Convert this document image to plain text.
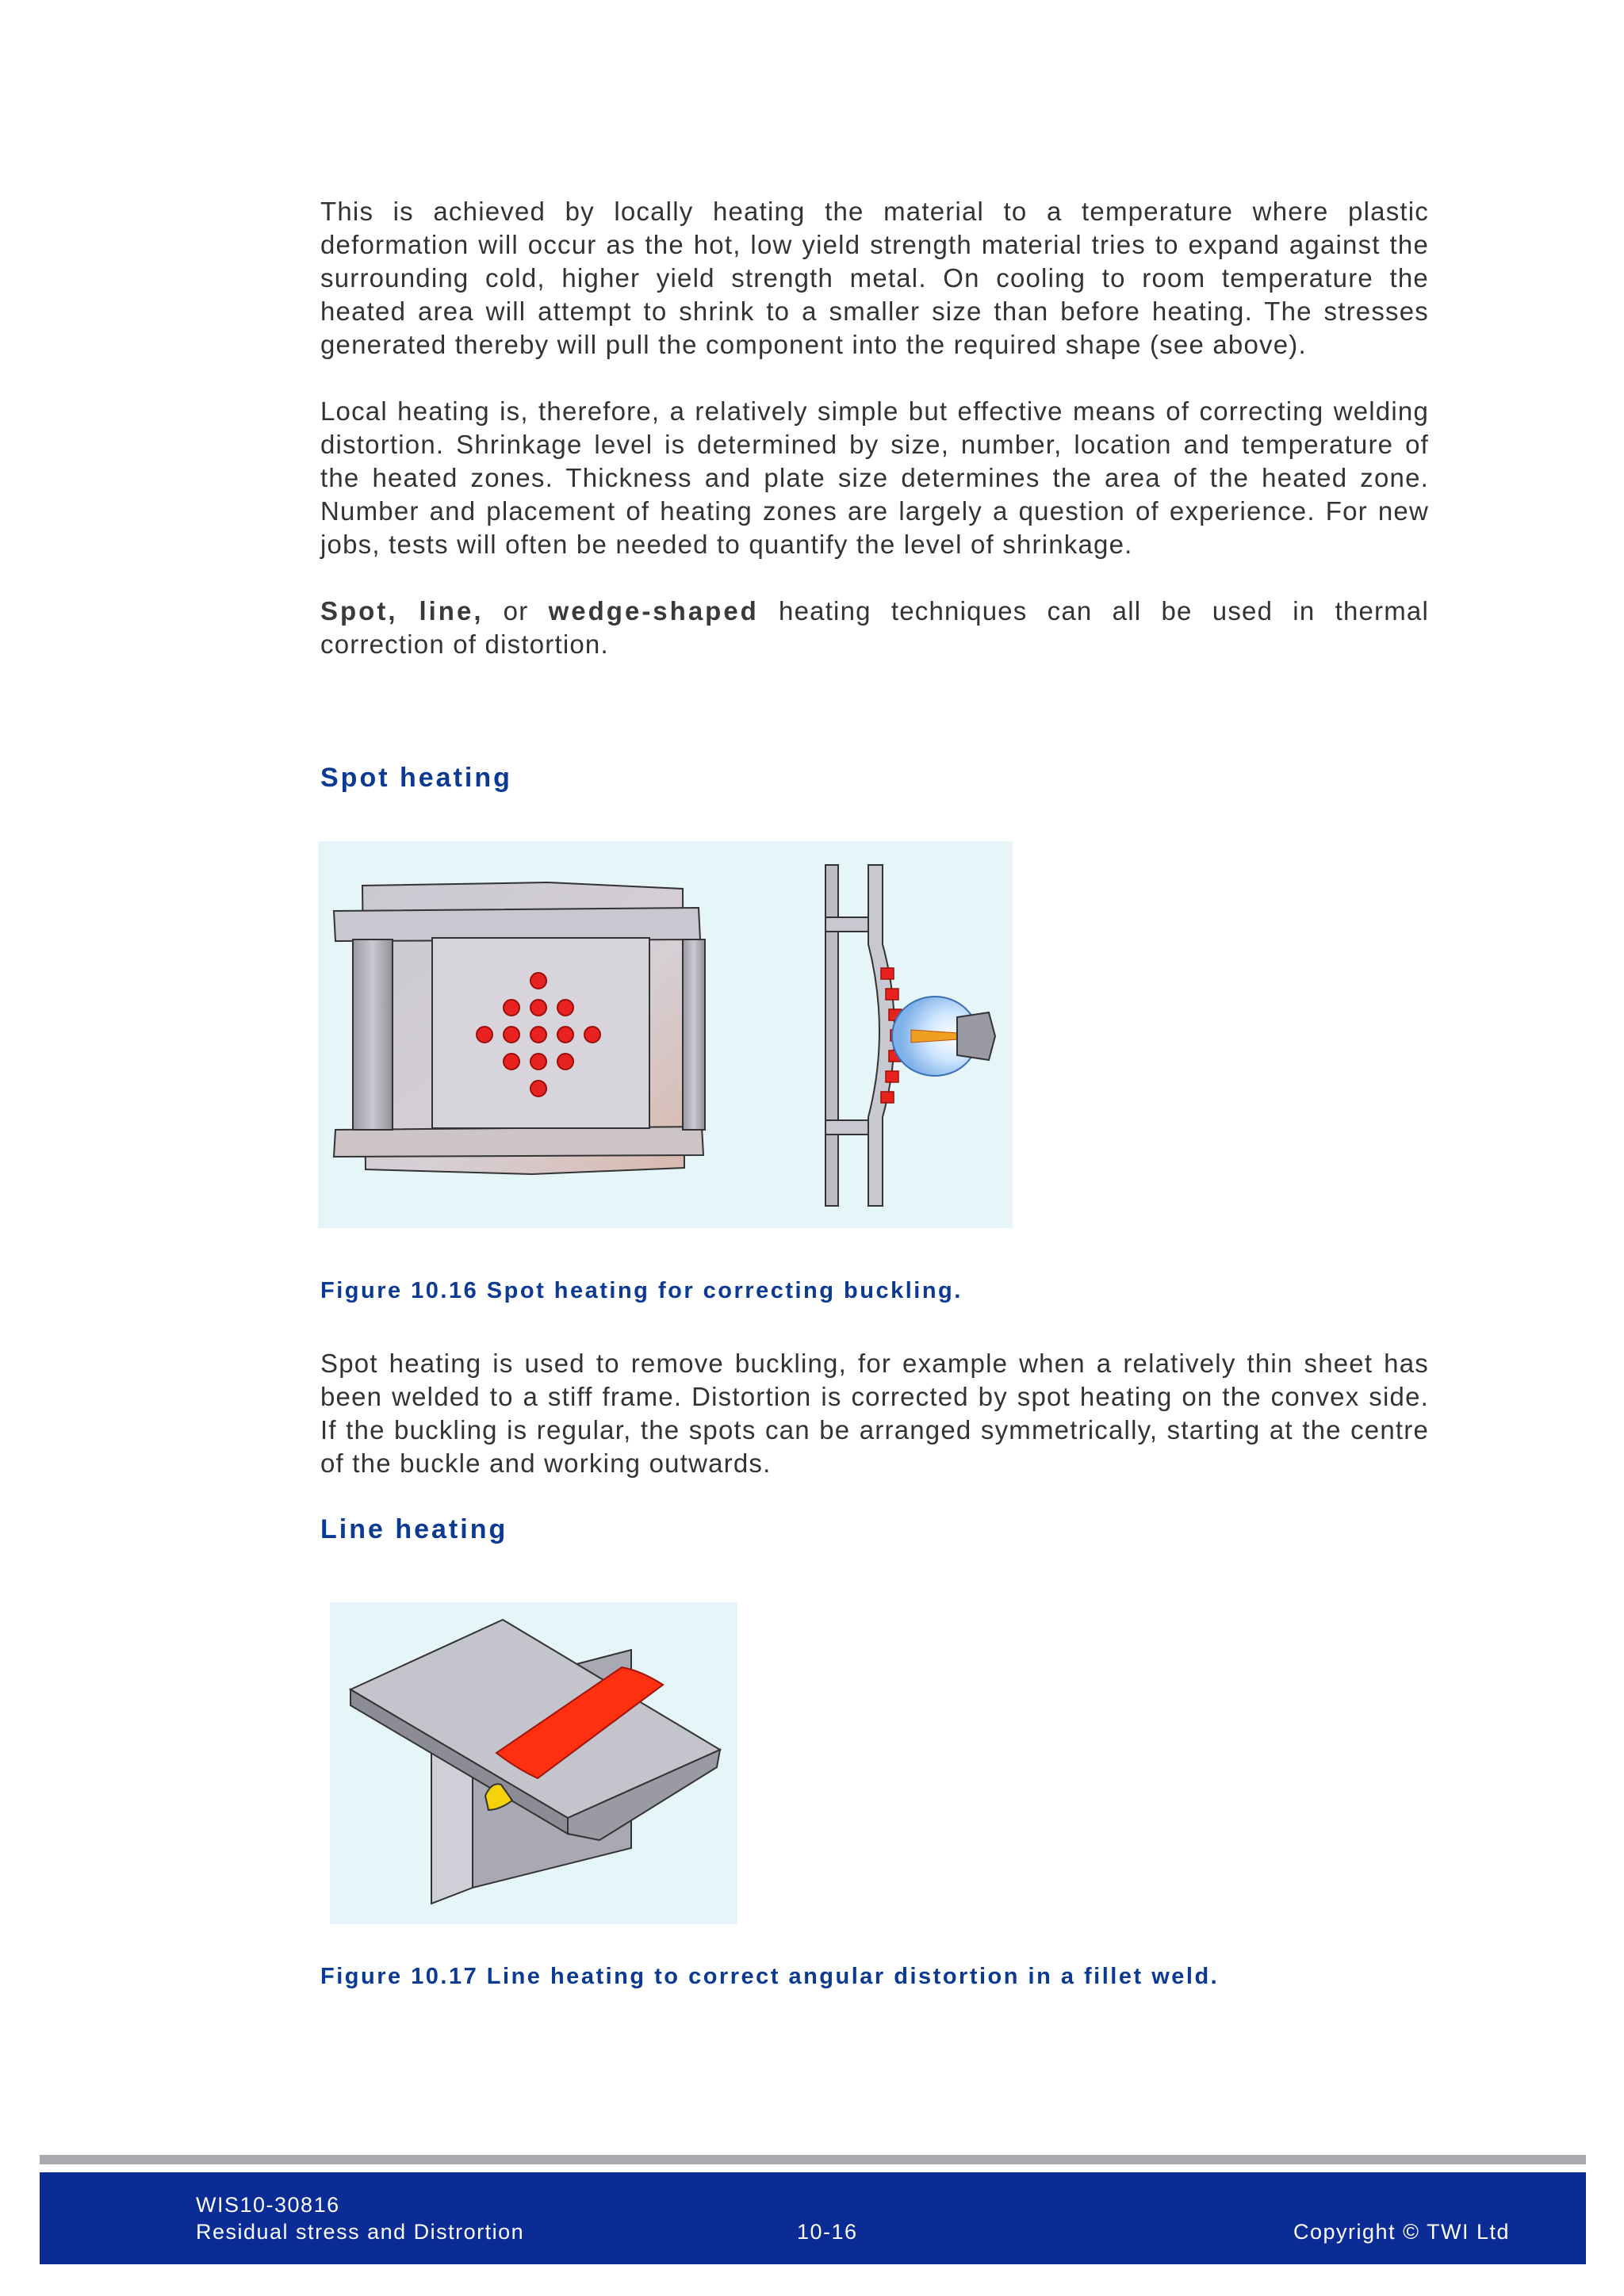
This is achieved by locally heating the material to a temperature where plastic deformation will occur as the hot, low yield strength material tries to expand against the surrounding cold, higher yield strength metal. On cooling to room temperature the heated area will attempt to shrink to a smaller size than before heating. The stresses generated thereby will pull the component into the required shape (see above).

Local heating is, therefore, a relatively simple but effective means of correcting welding distortion. Shrinkage level is determined by size, number, location and temperature of the heated zones. Thickness and plate size determines the area of the heated zone. Number and placement of heating zones are largely a question of experience. For new jobs, tests will often be needed to quantify the level of shrinkage.

Spot, line, or wedge-shaped heating techniques can all be used in thermal correction of distortion.

Spot heating
Figure 10.16 Spot heating for correcting buckling.

Spot heating is used to remove buckling, for example when a relatively thin sheet has been welded to a stiff frame. Distortion is corrected by spot heating on the convex side. If the buckling is regular, the spots can be arranged symmetrically, starting at the centre of the buckle and working outwards.

Line heating
Figure 10.17 Line heating to correct angular distortion in a fillet weld.
WIS10-30816
Residual stress and Distrortion	10-16	Copyright © TWI Ltd
